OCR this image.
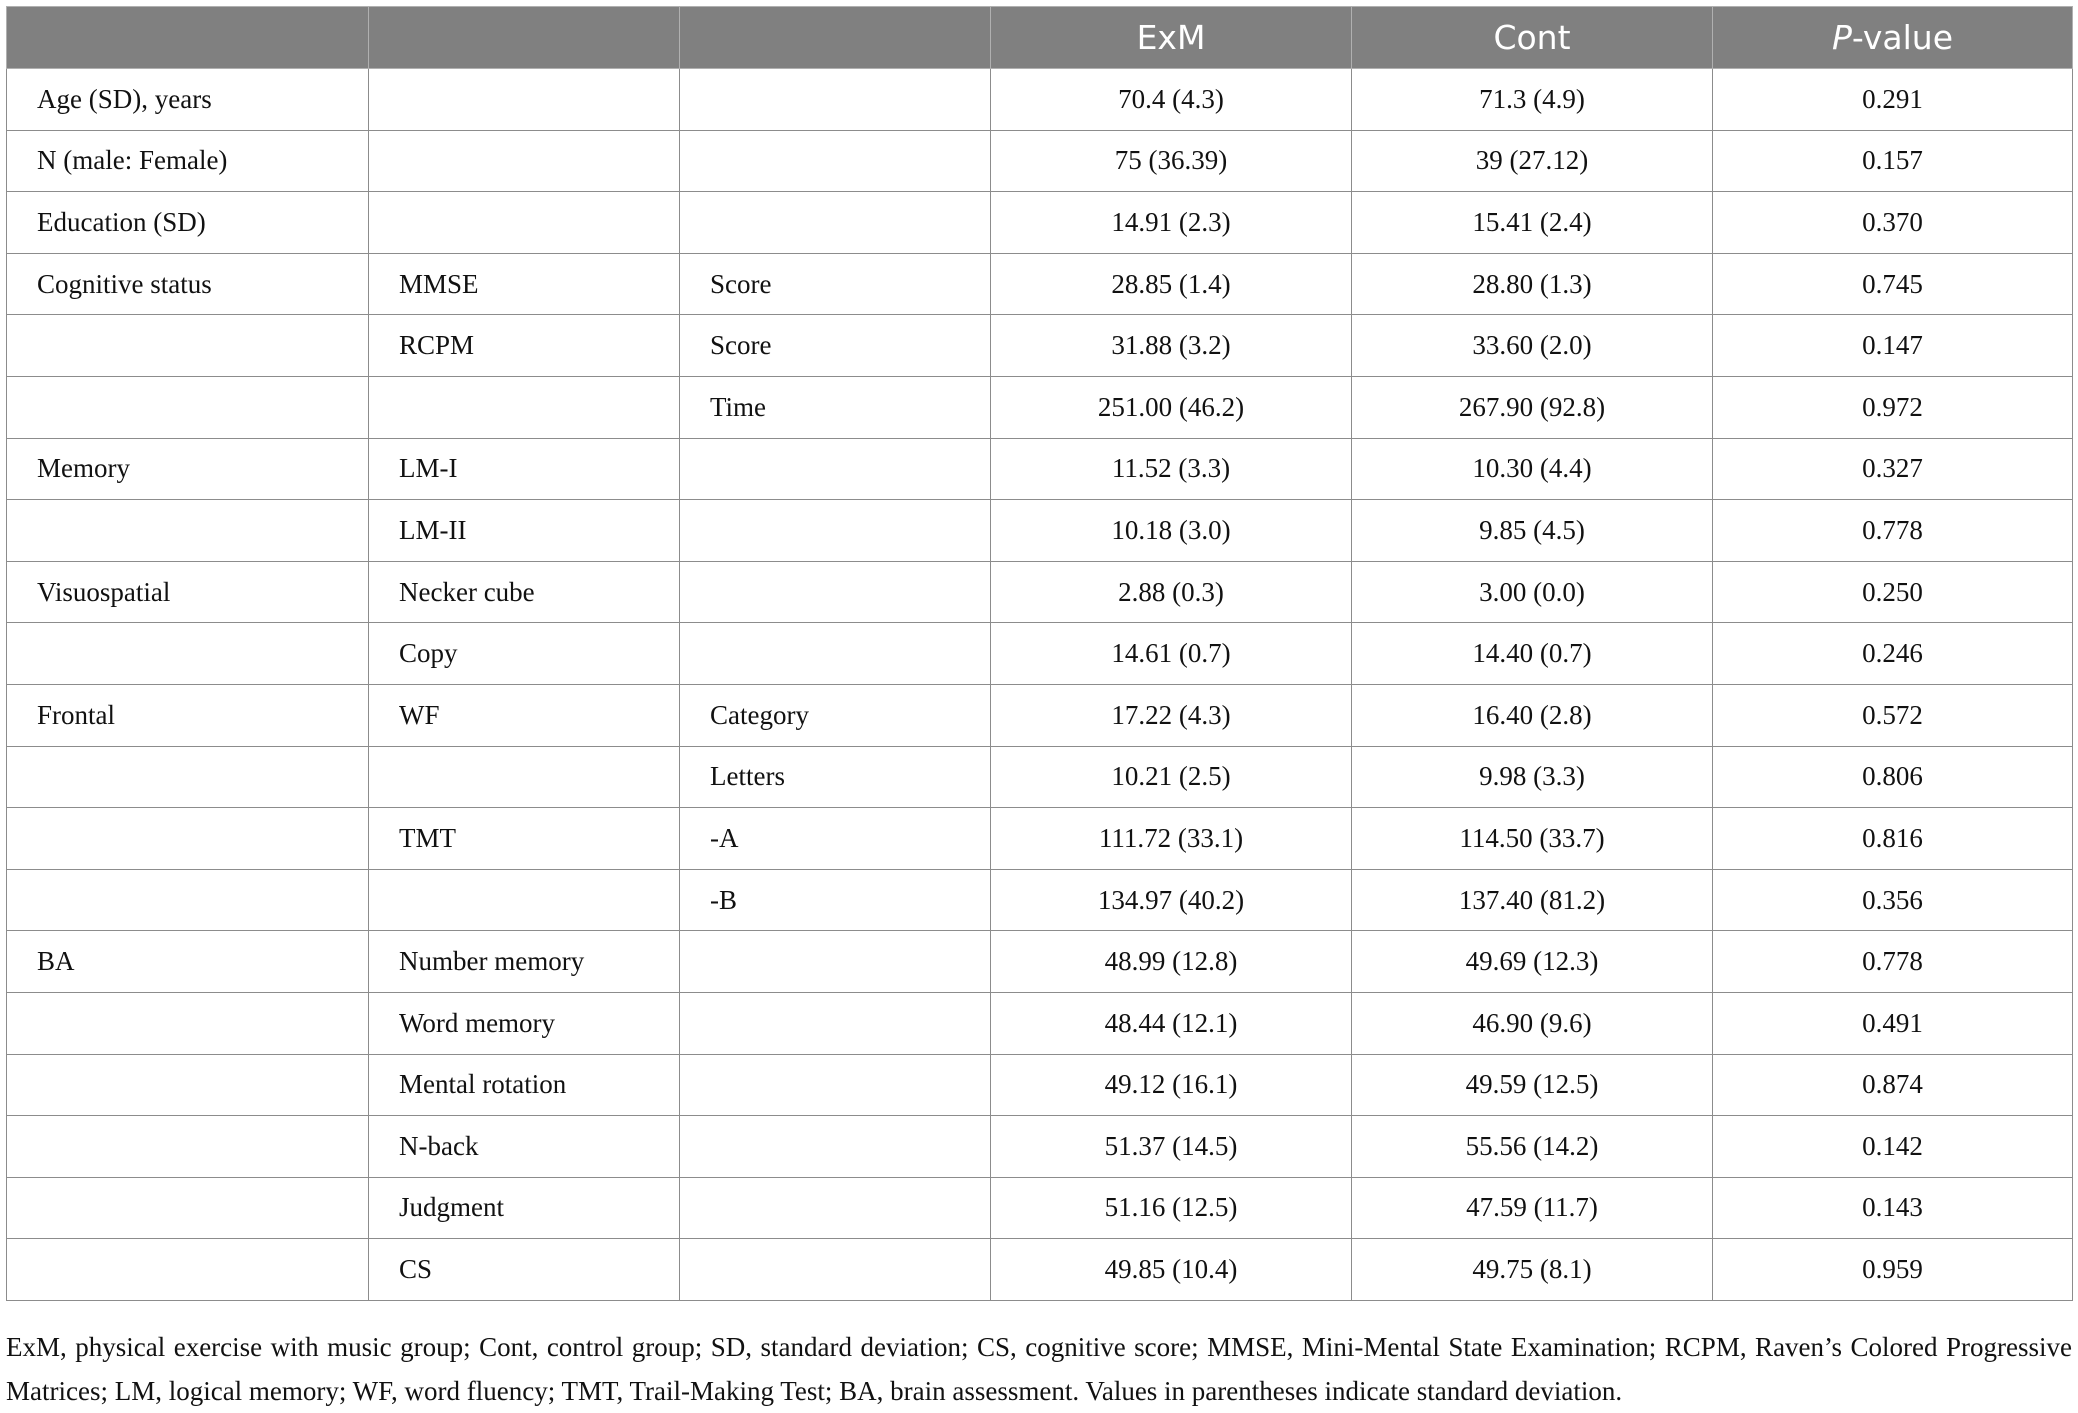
			ExM	Cont	P-value
Age (SD), years			70.4 (4.3)	71.3 (4.9)	0.291
N (male: Female)			75 (36.39)	39 (27.12)	0.157
Education (SD)			14.91 (2.3)	15.41 (2.4)	0.370
Cognitive status	MMSE	Score	28.85 (1.4)	28.80 (1.3)	0.745
	RCPM	Score	31.88 (3.2)	33.60 (2.0)	0.147
		Time	251.00 (46.2)	267.90 (92.8)	0.972
Memory	LM-I		11.52 (3.3)	10.30 (4.4)	0.327
	LM-II		10.18 (3.0)	9.85 (4.5)	0.778
Visuospatial	Necker cube		2.88 (0.3)	3.00 (0.0)	0.250
	Copy		14.61 (0.7)	14.40 (0.7)	0.246
Frontal	WF	Category	17.22 (4.3)	16.40 (2.8)	0.572
		Letters	10.21 (2.5)	9.98 (3.3)	0.806
	TMT	-A	111.72 (33.1)	114.50 (33.7)	0.816
		-B	134.97 (40.2)	137.40 (81.2)	0.356
BA	Number memory		48.99 (12.8)	49.69 (12.3)	0.778
	Word memory		48.44 (12.1)	46.90 (9.6)	0.491
	Mental rotation		49.12 (16.1)	49.59 (12.5)	0.874
	N-back		51.37 (14.5)	55.56 (14.2)	0.142
	Judgment		51.16 (12.5)	47.59 (11.7)	0.143
	CS		49.85 (10.4)	49.75 (8.1)	0.959
ExM, physical exercise with music group; Cont, control group; SD, standard deviation; CS, cognitive score; MMSE, Mini-Mental State Examination; RCPM, Raven’s Colored Progressive Matrices; LM, logical memory; WF, word fluency; TMT, Trail-Making Test; BA, brain assessment. Values in parentheses indicate standard deviation.
